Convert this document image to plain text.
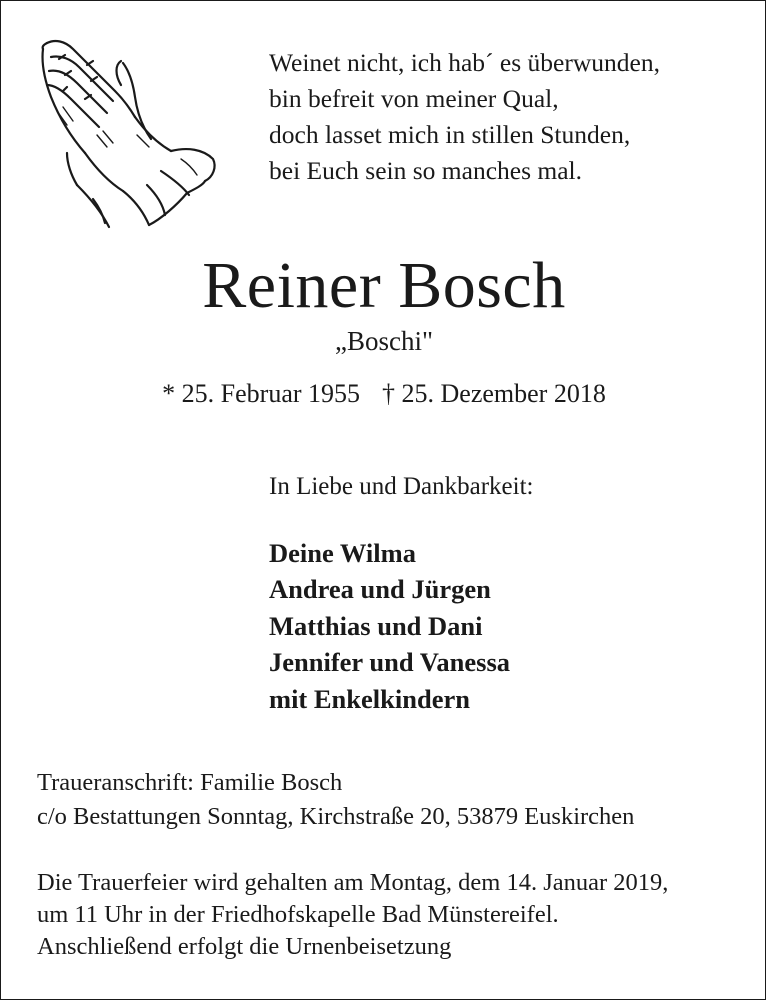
Weinet nicht, ich hab´ es überwunden,
bin befreit von meiner Qual,
doch lasset mich in stillen Stunden,
bei Euch sein so manches mal.
Reiner Bosch
„Boschi"
* 25. Februar 1955 † 25. Dezember 2018
In Liebe und Dankbarkeit:
Deine Wilma
Andrea und Jürgen
Matthias und Dani
Jennifer und Vanessa
mit Enkelkindern
Traueranschrift: Familie Bosch
c/o Bestattungen Sonntag, Kirchstraße 20, 53879 Euskirchen
Die Trauerfeier wird gehalten am Montag, dem 14. Januar 2019,
um 11 Uhr in der Friedhofskapelle Bad Münstereifel.
Anschließend erfolgt die Urnenbeisetzung
